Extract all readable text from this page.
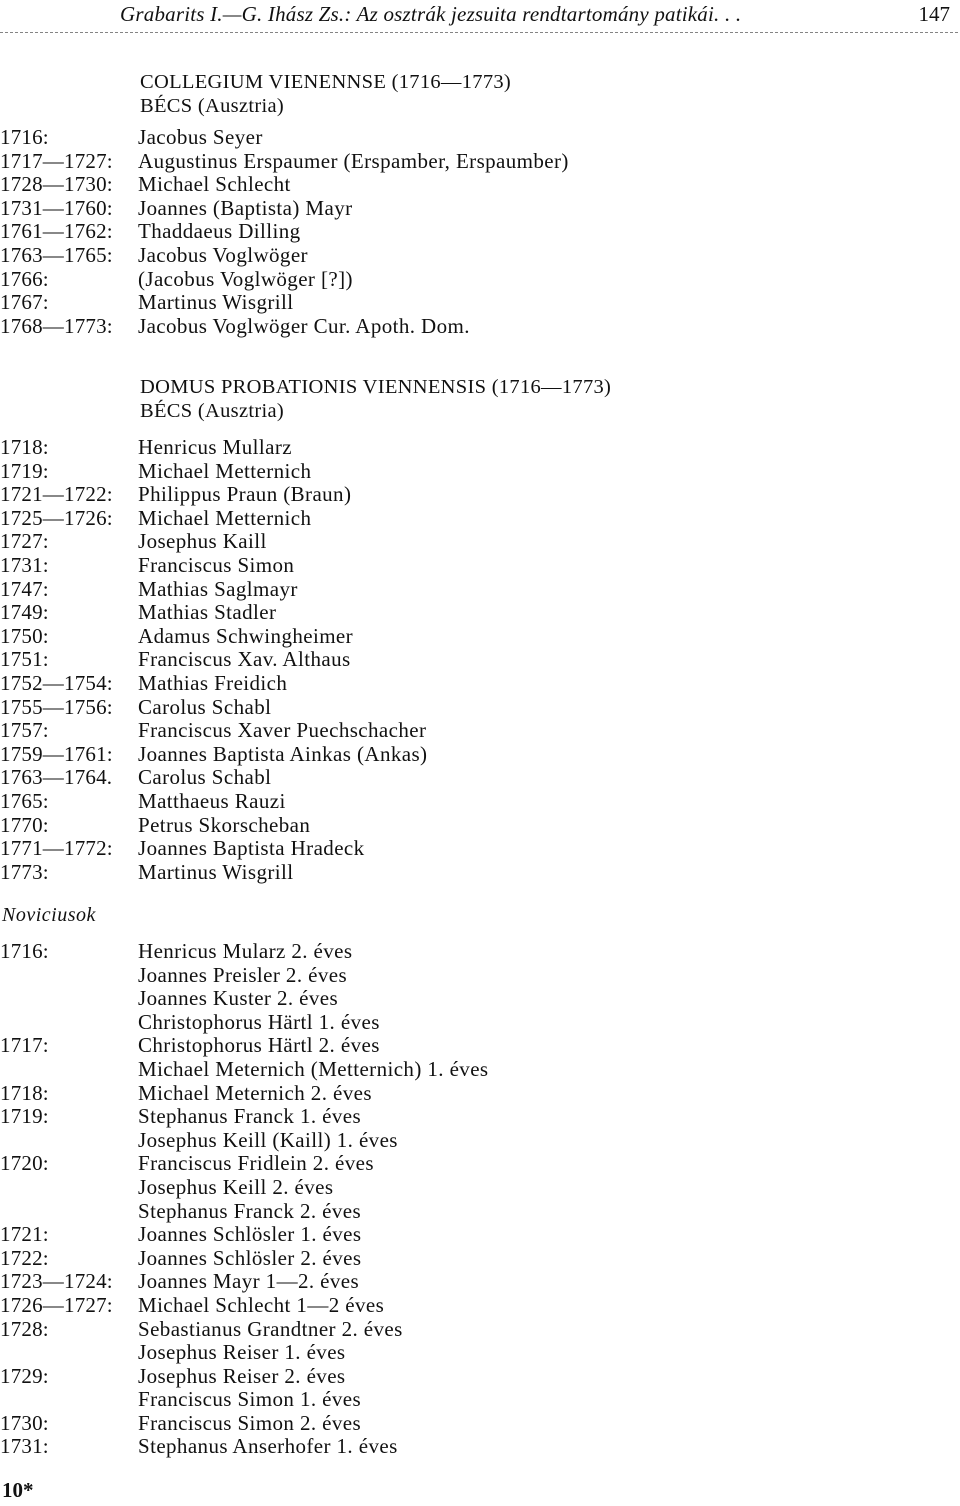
Grabarits I.—G. Ihász Zs.: Az osztrák jezsuita rendtartomány patikái. . .	147
COLLEGIUM VIENENNSE (1716—1773)
BÉCS (Ausztria)
1716:	Jacobus Seyer
1717—1727: Augustinus Erspaumer (Erspamber, Erspaumber)
1728—1730: Michael Schlecht
1731—1760: Joannes (Baptista) Mayr
1761—1762: Thaddaeus Dilling
1763—1765: Jacobus Voglwöger
1766:	(Jacobus Voglwöger [?])
1767:	Martinus Wisgrill
1768—1773: Jacobus Voglwöger Cur. Apoth. Dom.
DOMUS PROBATIONIS VIENNENSIS (1716—1773)
BÉCS (Ausztria)
1718:	Henricus Mullarz
1719:	Michael Metternich
1721—1722: Philippus Praun (Braun)
1725—1726: Michael Metternich
1727:	Josephus Kaill
1731:	Franciscus Simon
1747:	Mathias Saglmayr
1749:	Mathias Stadler
1750:	Adamus Schwingheimer
1751:	Franciscus Xav. Althaus
1752—1754: Mathias Freidich
1755—1756: Carolus Schabl
1757:	Franciscus Xaver Puechschacher
1759—1761: Joannes Baptista Ainkas (Ankas)
1763—1764. Carolus Schabl
1765:	Matthaeus Rauzi
1770:	Petrus Skorscheban
1771—1772: Joannes Baptista Hradeck
1773:	Martinus Wisgrill
Noviciusok
1716:	Henricus Mularz 2. éves
Joannes Preisler 2. éves
Joannes Kuster 2. éves
Christophorus Härtl 1. éves
1717:	Christophorus Härtl 2. éves
Michael Meternich (Metternich) 1. éves
1718:	Michael Meternich 2. éves
1719:	Stephanus Franck 1. éves
Josephus Keill (Kaill) 1. éves
1720:	Franciscus Fridlein 2. éves
Josephus Keill 2. éves
Stephanus Franck 2. éves
1721:	Joannes Schlösler 1. éves
1722:	Joannes Schlösler 2. éves
1723—1724: Joannes Mayr 1—2. éves
1726—1727: Michael Schlecht 1—2 éves
1728:	Sebastianus Grandtner 2. éves
Josephus Reiser 1. éves
1729:	Josephus Reiser 2. éves
Franciscus Simon 1. éves
1730:	Franciscus Simon 2. éves
1731:	Stephanus Anserhofer 1. éves
10*
